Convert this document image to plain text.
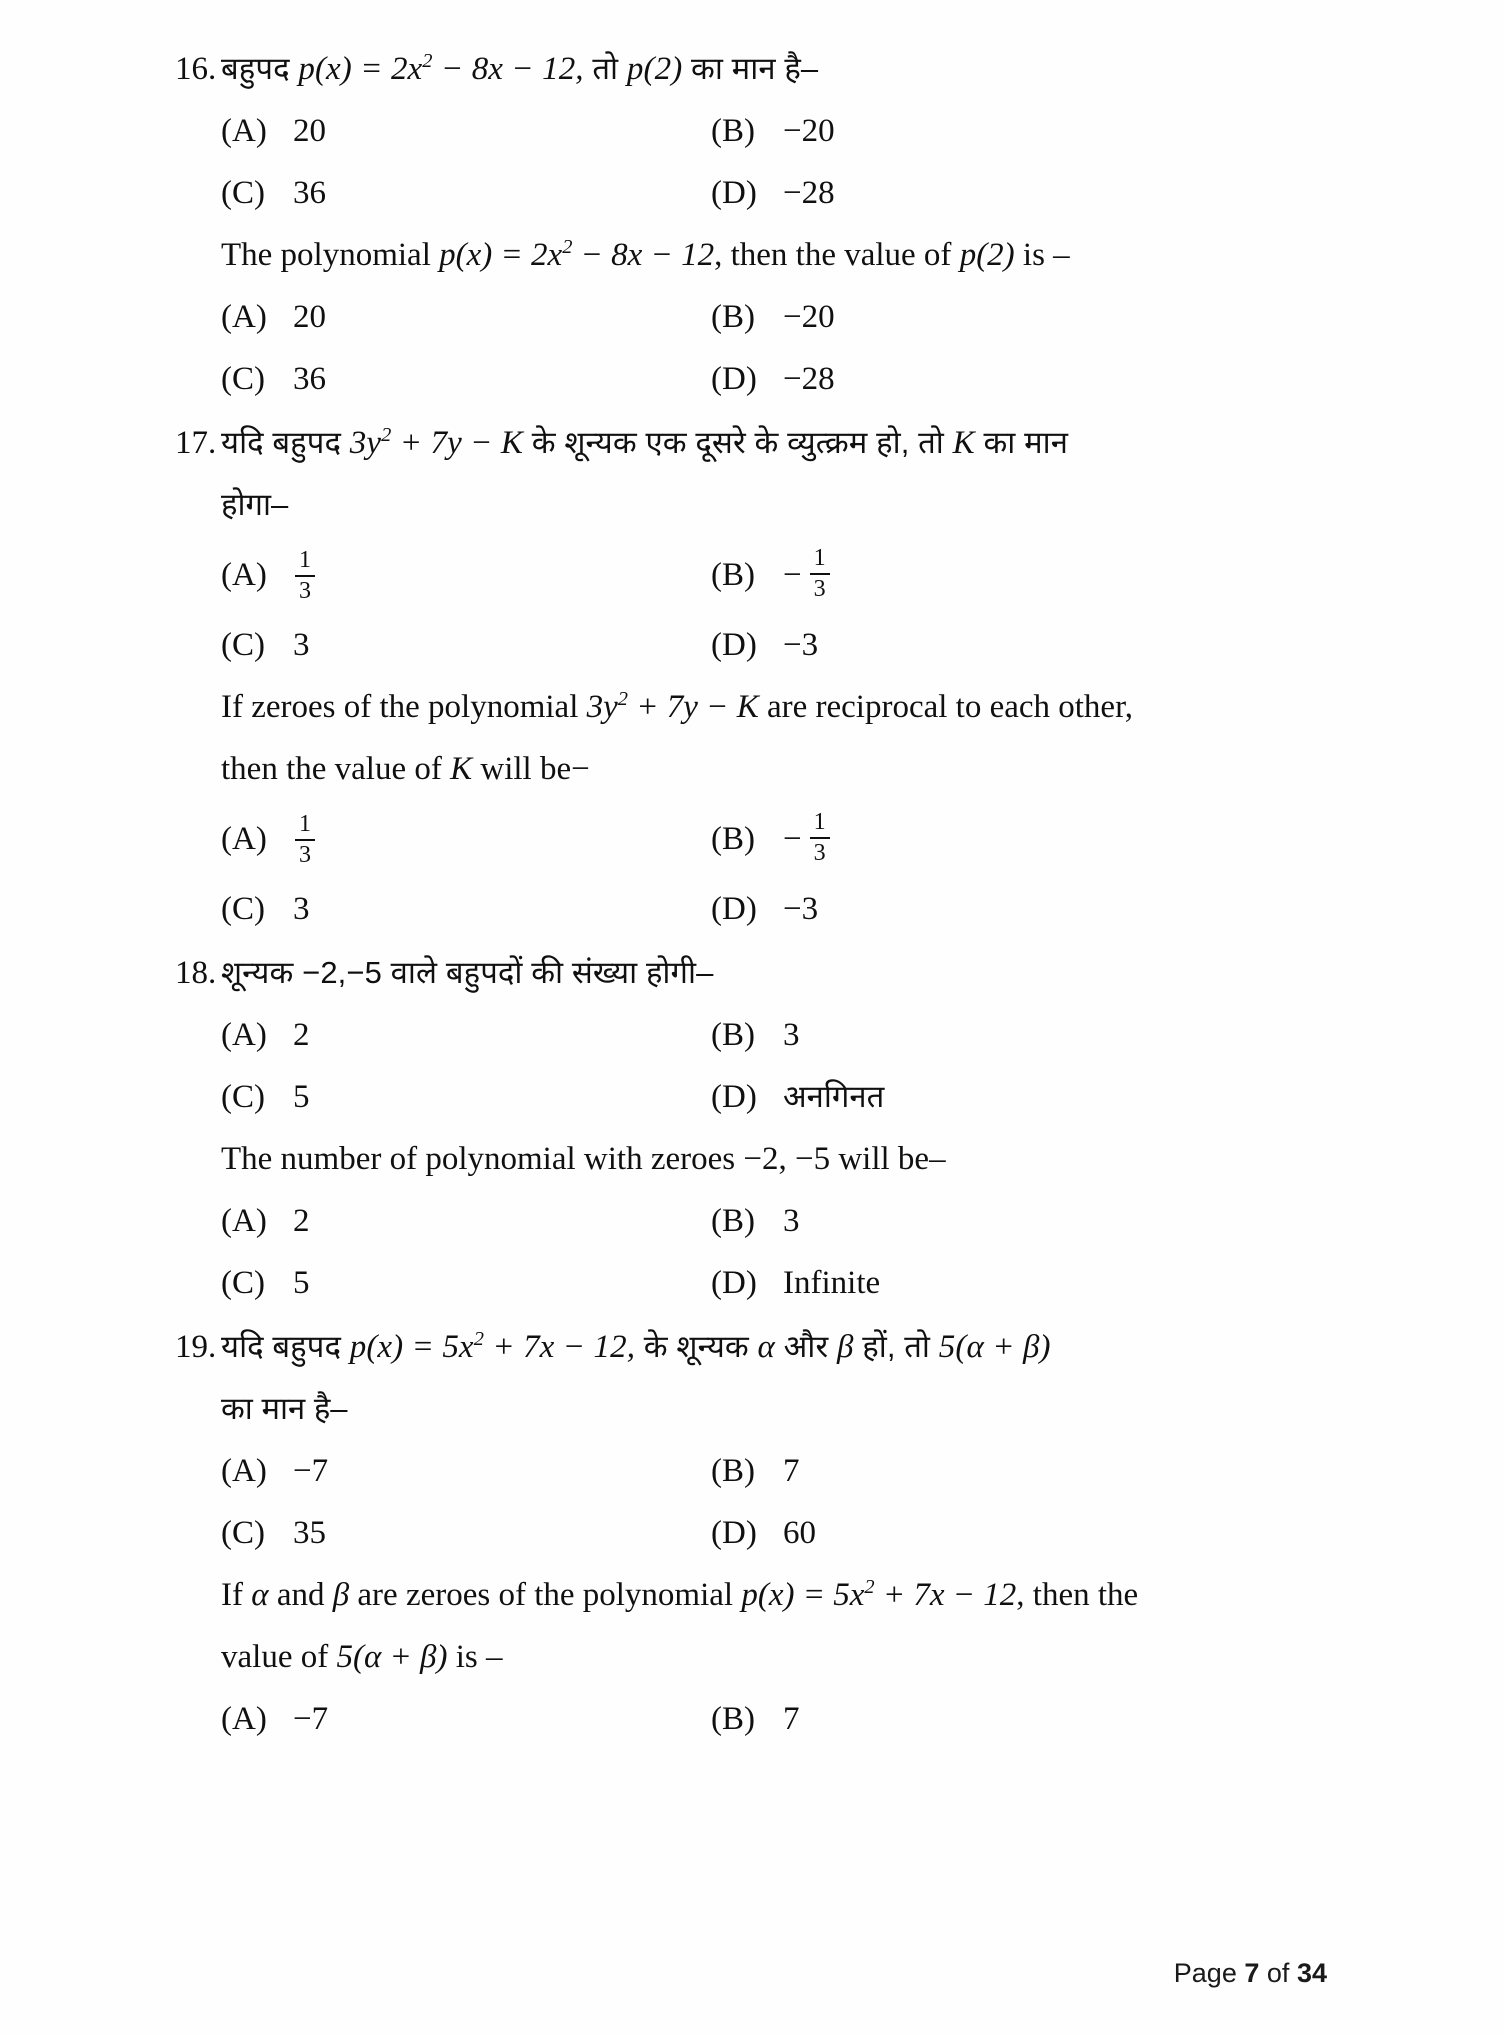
16. बहुपद $p(x) = 2x^2 - 8x - 12$, तो p(2) का मान है–
(A) 20	(B) −20
(C) 36	(D) −28
The polynomial $p(x) = 2x^2 - 8x - 12$, then the value of p(2) is –
(A) 20	(B) −20
(C) 36	(D) −28
17. यदि बहुपद $3y^2 + 7y - K$ के शून्यक एक दूसरे के व्युत्क्रम हो, तो K का मान
होगा–
(A)	$\frac{1}{3}$	$(B) - \frac{1}{3}$
(C) 3	(D) −3
If zeroes of the polynomial $3y^2 + 7y - K$ are reciprocal to each other,
then the value of K will be−
(A)	$\frac{1}{3}$	$(B) - \frac{1}{3}$
(C) 3	(D) −3
18. शून्यक −2,−5 वाले बहुपदों की संख्या होगी–
(A) 2	(B) 3
(C) 5	(D) अनगिनत
The number of polynomial with zeroes −2, −5 will be–
(A) 2	(B) 3
(C) 5	(D) Infinite
19. यदि बहुपद $p(x) = 5x^2 + 7x - 12$, के शून्यक α और β हों, तो 5(α + β)
का मान है–
(A) −7	(B) 7
(C) 35	(D) 60
If α and β are zeroes of the polynomial $p(x) = 5x^2 + 7x - 12$, then the
value of 5(α + β) is –
(A) −7	(B) 7
Page 7 of 34
